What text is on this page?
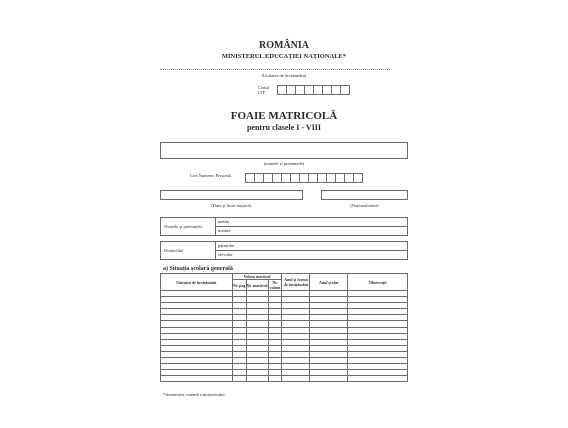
ROMÂNIA
MINISTERUL EDUCAȚIEI NAȚIONALE*
(Unitatea de învățământ)
Codul CIF
FOAIE MATRICOLĂ
pentru clasele I - VIII
(numele și prenumele)
Cod Numeric Personal
(Data și locul nașterii)	(Naționalitatea)
Numele și prenumele
tatălui
mamei
Domiciliul
părinților
elevului
a) Situația școlară generală
Unitatea de învățământ	Volum matricol			Anul și forma de învățământ	Anul școlar	Observații
	Nr. pag	Nr. matricol	Nr. volum			

*denumirea curentă a ministerului
